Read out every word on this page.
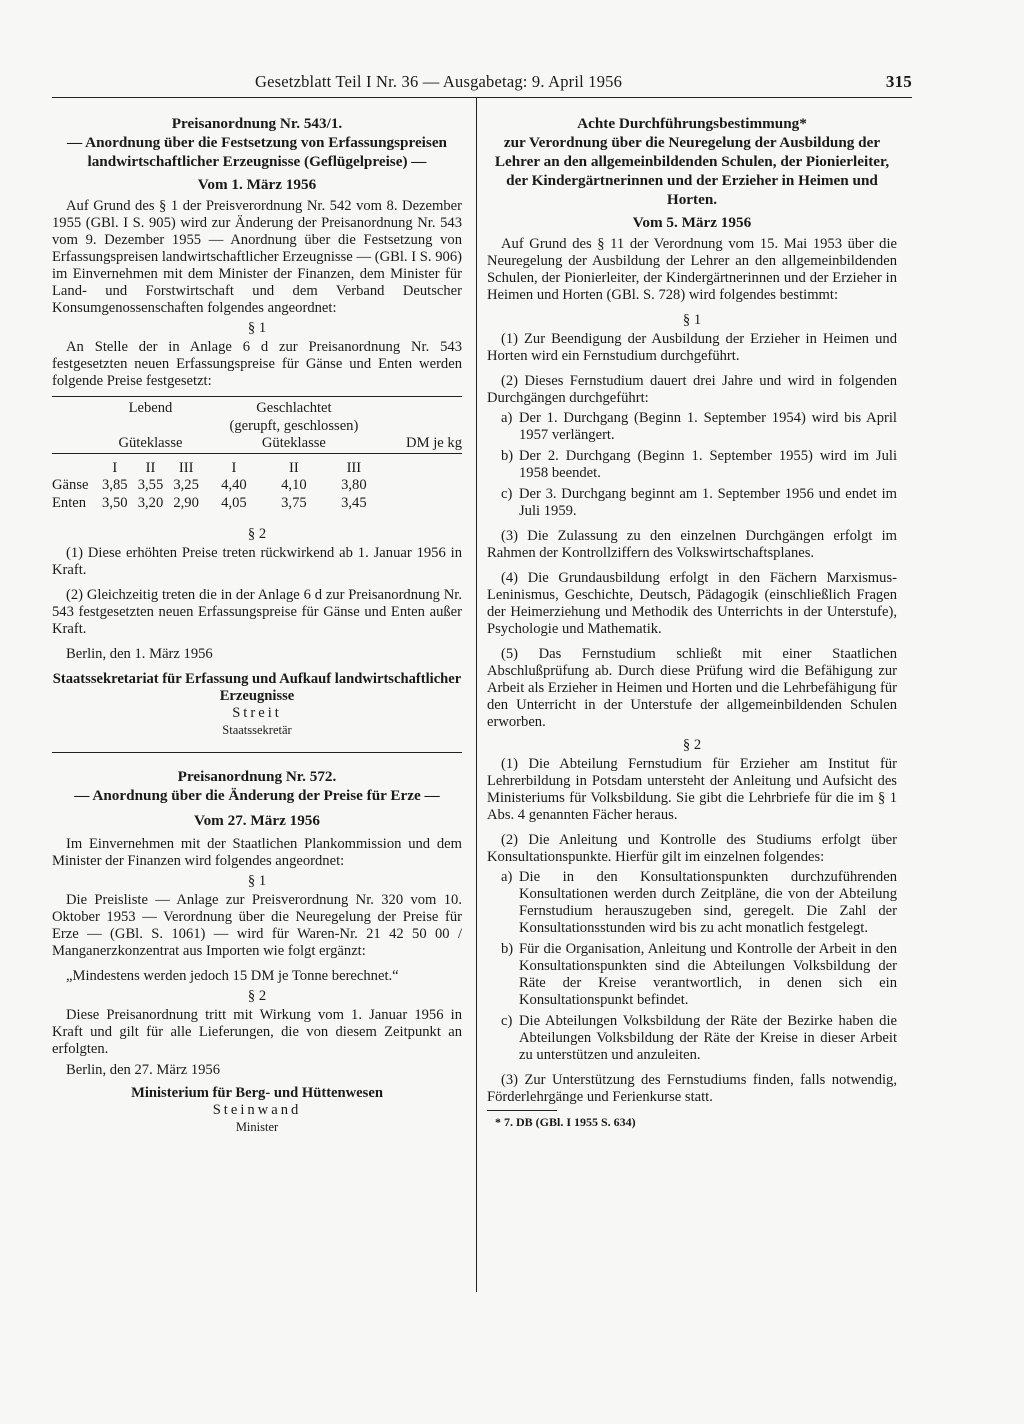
Gesetzblatt Teil I Nr. 36 — Ausgabetag: 9. April 1956	315
Preisanordnung Nr. 543/1.
— Anordnung über die Festsetzung von Erfassungspreisen landwirtschaftlicher Erzeugnisse (Geflügelpreise) —
Vom 1. März 1956

Auf Grund des § 1 der Preisverordnung Nr. 542 vom 8. Dezember 1955 (GBl. I S. 905) wird zur Änderung der Preisanordnung Nr. 543 vom 9. Dezember 1955 — Anordnung über die Festsetzung von Erfassungspreisen landwirtschaftlicher Erzeugnisse — (GBl. I S. 906) im Einvernehmen mit dem Minister der Finanzen, dem Minister für Land- und Forstwirtschaft und dem Verband Deutscher Konsumgenossenschaften folgendes angeordnet:

§ 1

An Stelle der in Anlage 6 d zur Preisanordnung Nr. 543 festgesetzten neuen Erfassungspreise für Gänse und Enten werden folgende Preise festgesetzt:

	Lebend			Geschlachtet			
				(gerupft, geschlossen)			
	Güteklasse			Güteklasse			DM je kg
	I	II	III	I	II	III	
Gänse	3,85	3,55	3,25	4,40	4,10	3,80	
Enten	3,50	3,20	2,90	4,05	3,75	3,45	
§ 2

(1) Diese erhöhten Preise treten rückwirkend ab 1. Januar 1956 in Kraft.

(2) Gleichzeitig treten die in der Anlage 6 d zur Preisanordnung Nr. 543 festgesetzten neuen Erfassungspreise für Gänse und Enten außer Kraft.

Berlin, den 1. März 1956

Staatssekretariat für Erfassung und Aufkauf landwirtschaftlicher Erzeugnisse
Streit
Staatssekretär
Preisanordnung Nr. 572.
— Anordnung über die Änderung der Preise für Erze —
Vom 27. März 1956

Im Einvernehmen mit der Staatlichen Plankommission und dem Minister der Finanzen wird folgendes angeordnet:

§ 1

Die Preisliste — Anlage zur Preisverordnung Nr. 320 vom 10. Oktober 1953 — Verordnung über die Neuregelung der Preise für Erze — (GBl. S. 1061) — wird für Waren-Nr. 21 42 50 00 / Manganerzkonzentrat aus Importen wie folgt ergänzt:

„Mindestens werden jedoch 15 DM je Tonne berechnet.“

§ 2

Diese Preisanordnung tritt mit Wirkung vom 1. Januar 1956 in Kraft und gilt für alle Lieferungen, die von diesem Zeitpunkt an erfolgten.

Berlin, den 27. März 1956

Ministerium für Berg- und Hüttenwesen
Steinwand
Minister
Achte Durchführungsbestimmung*
zur Verordnung über die Neuregelung der Ausbildung der Lehrer an den allgemeinbildenden Schulen, der Pionierleiter, der Kindergärtnerinnen und der Erzieher in Heimen und Horten.
Vom 5. März 1956

Auf Grund des § 11 der Verordnung vom 15. Mai 1953 über die Neuregelung der Ausbildung der Lehrer an den allgemeinbildenden Schulen, der Pionierleiter, der Kindergärtnerinnen und der Erzieher in Heimen und Horten (GBl. S. 728) wird folgendes bestimmt:

§ 1

(1) Zur Beendigung der Ausbildung der Erzieher in Heimen und Horten wird ein Fernstudium durchgeführt.

(2) Dieses Fernstudium dauert drei Jahre und wird in folgenden Durchgängen durchgeführt:

a) Der 1. Durchgang (Beginn 1. September 1954) wird bis April 1957 verlängert.
b) Der 2. Durchgang (Beginn 1. September 1955) wird im Juli 1958 beendet.
c) Der 3. Durchgang beginnt am 1. September 1956 und endet im Juli 1959.

(3) Die Zulassung zu den einzelnen Durchgängen erfolgt im Rahmen der Kontrollziffern des Volkswirtschaftsplanes.

(4) Die Grundausbildung erfolgt in den Fächern Marxismus-Leninismus, Geschichte, Deutsch, Pädagogik (einschließlich Fragen der Heimerziehung und Methodik des Unterrichts in der Unterstufe), Psychologie und Mathematik.

(5) Das Fernstudium schließt mit einer Staatlichen Abschlußprüfung ab. Durch diese Prüfung wird die Befähigung zur Arbeit als Erzieher in Heimen und Horten und die Lehrbefähigung für den Unterricht in der Unterstufe der allgemeinbildenden Schulen erworben.

§ 2

(1) Die Abteilung Fernstudium für Erzieher am Institut für Lehrerbildung in Potsdam untersteht der Anleitung und Aufsicht des Ministeriums für Volksbildung. Sie gibt die Lehrbriefe für die im § 1 Abs. 4 genannten Fächer heraus.

(2) Die Anleitung und Kontrolle des Studiums erfolgt über Konsultationspunkte. Hierfür gilt im einzelnen folgendes:

a) Die in den Konsultationspunkten durchzuführenden Konsultationen werden durch Zeitpläne, die von der Abteilung Fernstudium herauszugeben sind, geregelt. Die Zahl der Konsultationsstunden wird bis zu acht monatlich festgelegt.
b) Für die Organisation, Anleitung und Kontrolle der Arbeit in den Konsultationspunkten sind die Abteilungen Volksbildung der Räte der Kreise verantwortlich, in denen sich ein Konsultationspunkt befindet.
c) Die Abteilungen Volksbildung der Räte der Bezirke haben die Abteilungen Volksbildung der Räte der Kreise in dieser Arbeit zu unterstützen und anzuleiten.

(3) Zur Unterstützung des Fernstudiums finden, falls notwendig, Förderlehrgänge und Ferienkurse statt.

* 7. DB (GBl. I 1955 S. 634)
